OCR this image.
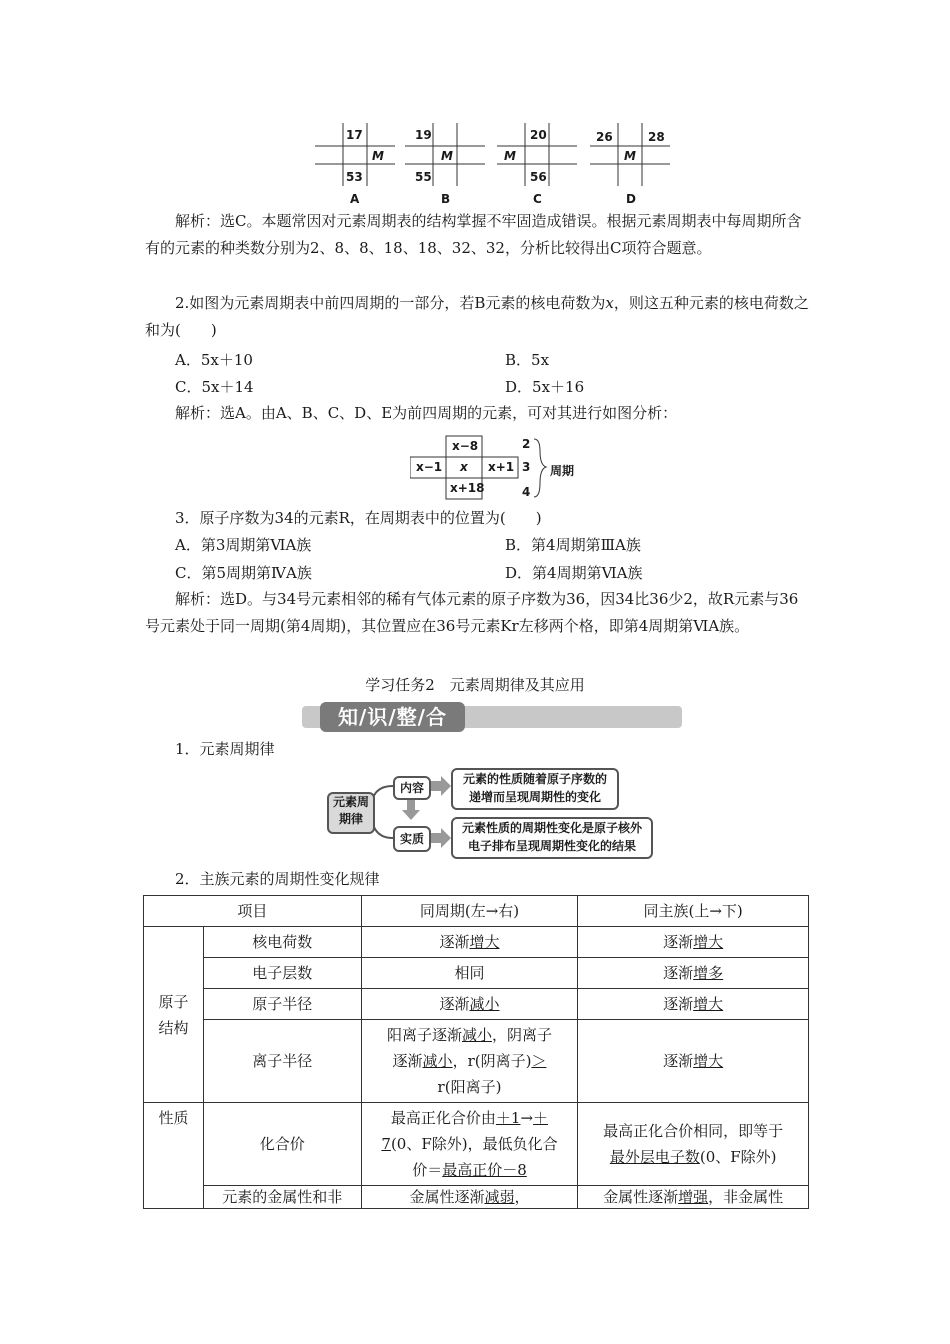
17
M
53
A
19
M
55
B
20
M
56
C
26	28
M
D
解析：选C。本题常因对元素周期表的结构掌握不牢固造成错误。根据元素周期表中每周期所含有的元素的种类数分别为2、8、8、18、18、32、32，分析比较得出C项符合题意。
2.如图为元素周期表中前四周期的一部分，若B元素的核电荷数为x，则这五种元素的核电荷数之和为(　　)
A．5x＋10	B．5x
C．5x＋14	D．5x＋16
解析：选A。由A、B、C、D、E为前四周期的元素，可对其进行如图分析：
x−8
x−1 x x+1
x+18
2
3
4
周期
3．原子序数为34的元素R，在周期表中的位置为(　　)
A．第3周期第ⅥA族	B．第4周期第ⅢA族
C．第5周期第ⅣA族	D．第4周期第ⅥA族
解析：选D。与34号元素相邻的稀有气体元素的原子序数为36，因34比36少2，故R元素与36号元素处于同一周期(第4周期)，其位置应在36号元素Kr左移两个格，即第4周期第ⅥA族。
学习任务2　元素周期律及其应用
知/识/整/合
1．元素周期律
元素周
期律
内容
实质
元素的性质随着原子序数的
递增而呈现周期性的变化
元素性质的周期性变化是原子核外
电子排布呈现周期性变化的结果
2．主族元素的周期性变化规律
项目		同周期(左→右)	同主族(上→下)
原子
结构	核电荷数	逐渐增大	逐渐增大
	电子层数	相同	逐渐增多
	原子半径	逐渐减小	逐渐增大
	离子半径	阳离子逐渐减小，阴离子
逐渐减小，r(阴离子)＞
r(阳离子)	逐渐增大
性质	化合价	最高正化合价由＋1→＋
7(0、F除外)，最低负化合
价＝最高正价－8	最高正化合价相同，即等于
最外层电子数(0、F除外)
	元素的金属性和非	金属性逐渐减弱，	金属性逐渐增强，非金属性
